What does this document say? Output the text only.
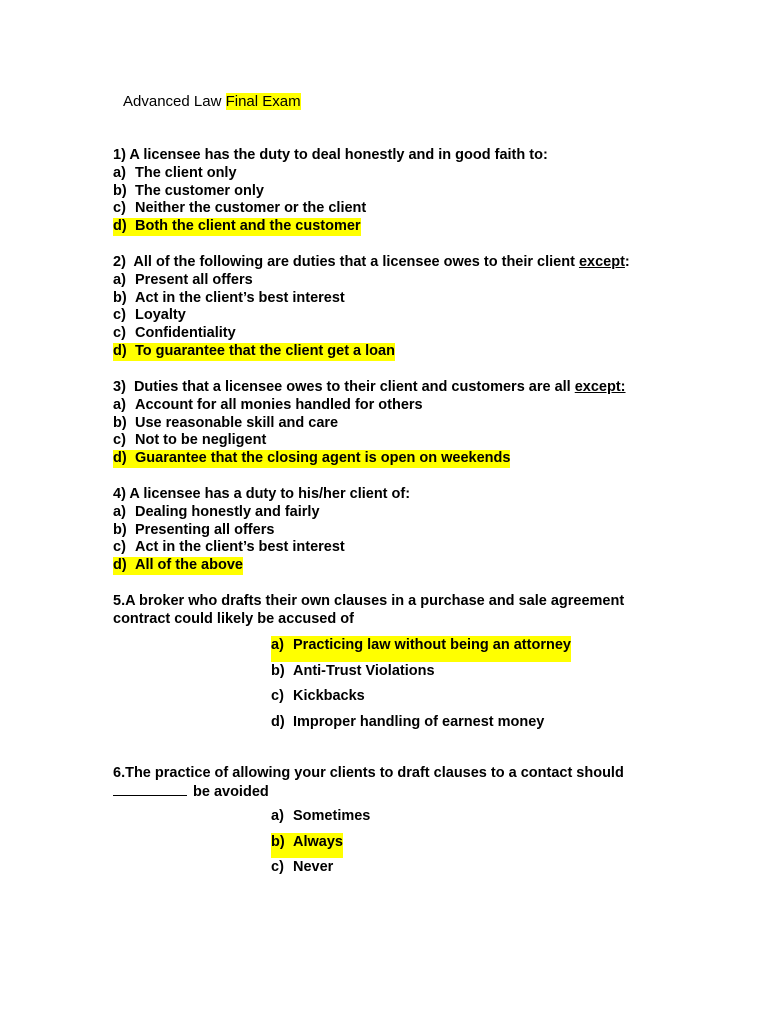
Advanced Law Final Exam
1) A licensee has the duty to deal honestly and in good faith to:
a) The client only
b) The customer only
c) Neither the customer or the client
d) Both the client and the customer
2)  All of the following are duties that a licensee owes to their client except :
a) Present all offers
b) Act in the client’s best interest
c) Loyalty
c) Confidentiality
d) To guarantee that the client get a loan
3)  Duties that a licensee owes to their client and customers are all except:
a) Account for all monies handled for others
b) Use reasonable skill and care
c) Not to be negligent
d) Guarantee that the closing agent is open on weekends
4) A licensee has a duty to his/her client of:
a) Dealing honestly and fairly
b) Presenting all offers
c) Act in the client’s best interest
d) All of the above
5.A broker who drafts their own clauses in a purchase and sale agreement
contract could likely be accused of
a) Practicing law without being an attorney
b) Anti-Trust Violations
c) Kickbacks
d) Improper handling of earnest money
6.The practice of allowing your clients to draft clauses to a contact should
be avoided
a) Sometimes
b) Always
c) Never
